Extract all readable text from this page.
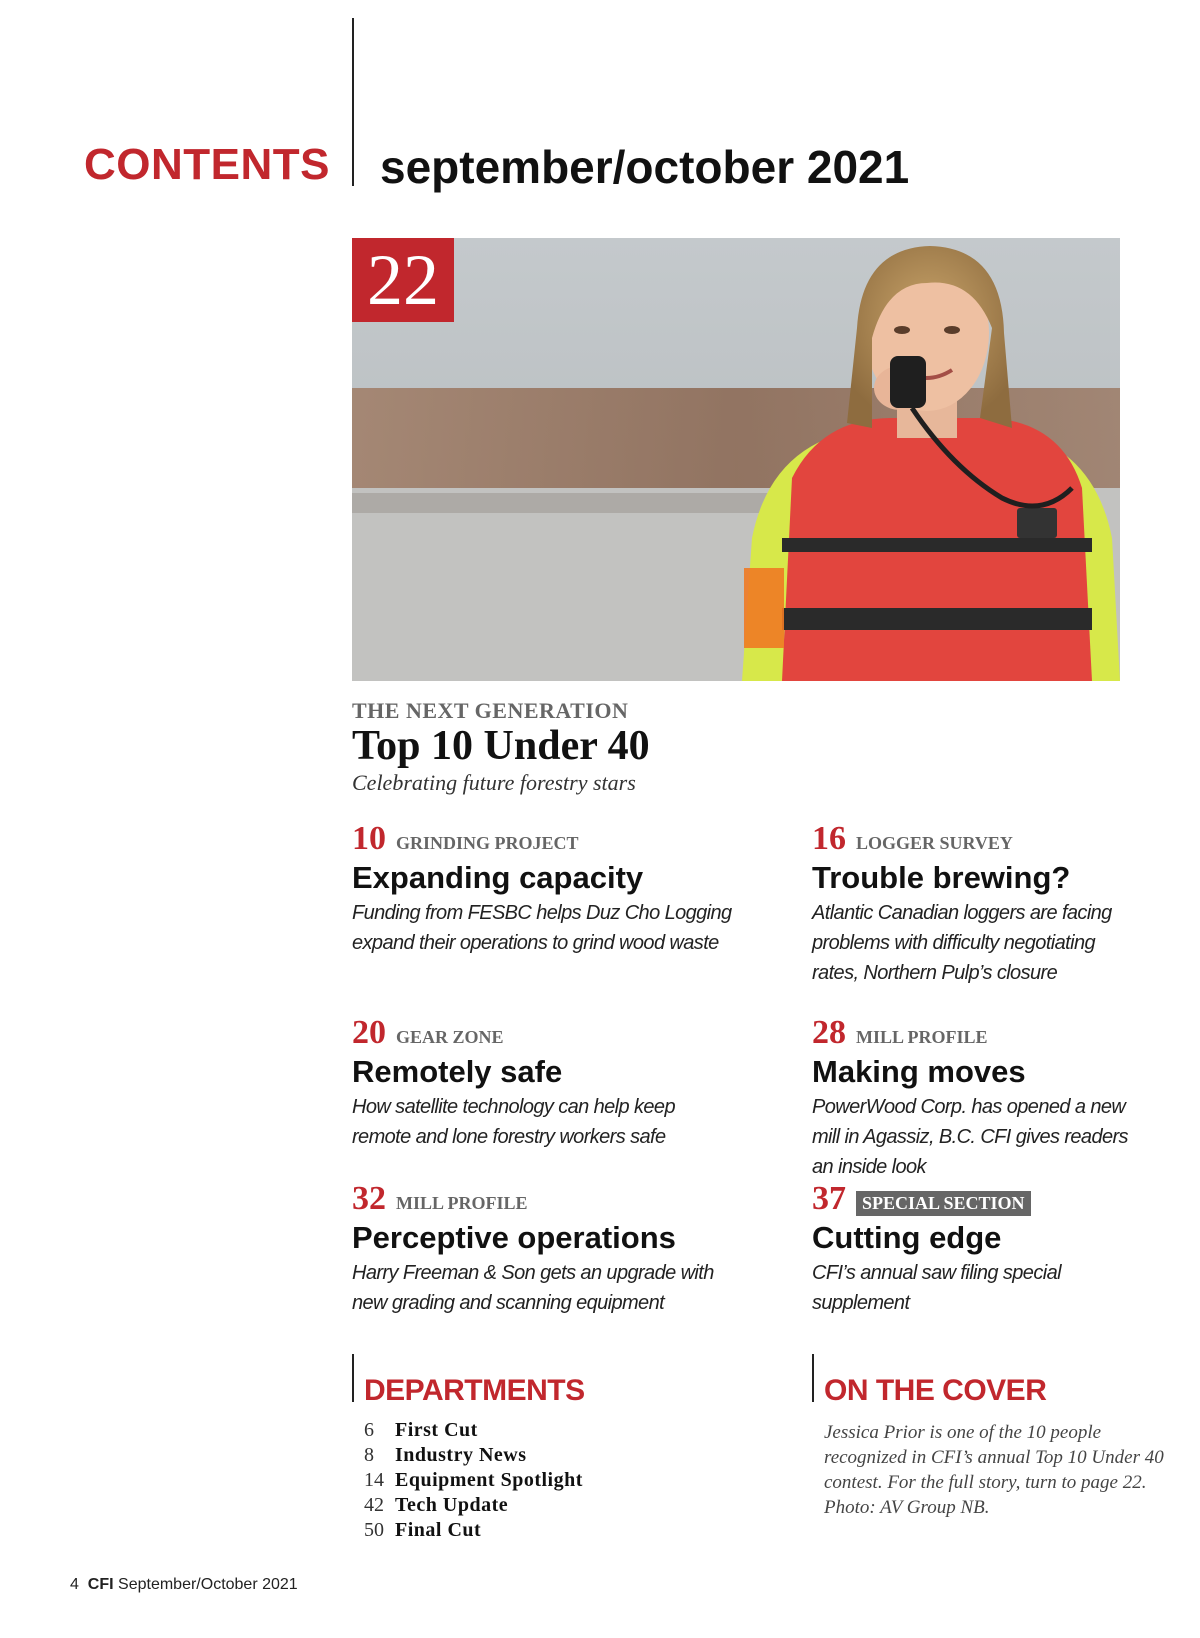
CONTENTS september/october 2021
22
THE NEXT GENERATION
Top 10 Under 40
Celebrating future forestry stars
10 GRINDING PROJECT
Expanding capacity
Funding from FESBC helps Duz Cho Logging expand their operations to grind wood waste
16 LOGGER SURVEY
Trouble brewing?
Atlantic Canadian loggers are facing problems with difficulty negotiating rates, Northern Pulp’s closure
20 GEAR ZONE
Remotely safe
How satellite technology can help keep remote and lone forestry workers safe
28 MILL PROFILE
Making moves
PowerWood Corp. has opened a new mill in Agassiz, B.C. CFI gives readers an inside look
32 MILL PROFILE
Perceptive operations
Harry Freeman & Son gets an upgrade with new grading and scanning equipment
37 SPECIAL SECTION
Cutting edge
CFI’s annual saw filing special supplement
DEPARTMENTS
6	First Cut
8	Industry News
14 Equipment Spotlight
42 Tech Update
50 Final Cut
ON THE COVER
Jessica Prior is one of the 10 people recognized in CFI’s annual Top 10 Under 40 contest. For the full story, turn to page 22. Photo: AV Group NB.
4 CFI September/October 2021
